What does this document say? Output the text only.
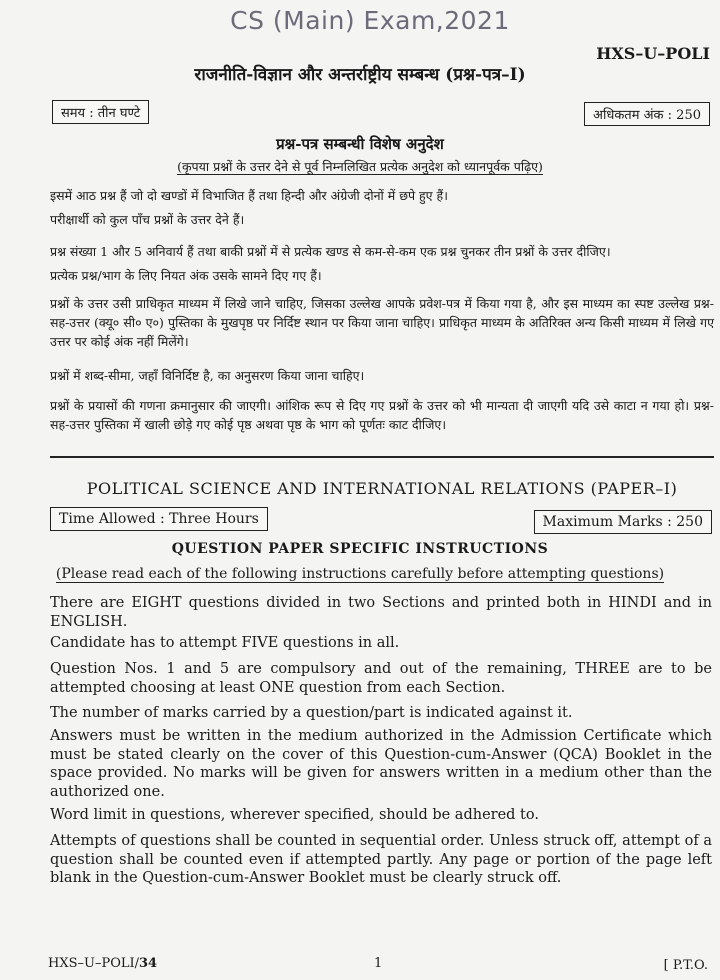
CS (Main) Exam,2021
HXS–U–POLI
राजनीति-विज्ञान और अन्तर्राष्ट्रीय सम्बन्ध (प्रश्न-पत्र–I)
समय : तीन घण्टे	अधिकतम अंक : 250
प्रश्न-पत्र सम्बन्धी विशेष अनुदेश
(कृपया प्रश्नों के उत्तर देने से पूर्व निम्नलिखित प्रत्येक अनुदेश को ध्यानपूर्वक पढ़िए)
इसमें आठ प्रश्न हैं जो दो खण्डों में विभाजित हैं तथा हिन्दी और अंग्रेजी दोनों में छपे हुए हैं।
परीक्षार्थी को कुल पाँच प्रश्नों के उत्तर देने हैं।
प्रश्न संख्या 1 और 5 अनिवार्य हैं तथा बाकी प्रश्नों में से प्रत्येक खण्ड से कम-से-कम एक प्रश्न चुनकर तीन प्रश्नों के उत्तर दीजिए।
प्रत्येक प्रश्न/भाग के लिए नियत अंक उसके सामने दिए गए हैं।
प्रश्नों के उत्तर उसी प्राधिकृत माध्यम में लिखे जाने चाहिए, जिसका उल्लेख आपके प्रवेश-पत्र में किया गया है, और इस माध्यम का स्पष्ट उल्लेख प्रश्न-सह-उत्तर (क्यू० सी० ए०) पुस्तिका के मुखपृष्ठ पर निर्दिष्ट स्थान पर किया जाना चाहिए। प्राधिकृत माध्यम के अतिरिक्त अन्य किसी माध्यम में लिखे गए उत्तर पर कोई अंक नहीं मिलेंगे।
प्रश्नों में शब्द-सीमा, जहाँ विनिर्दिष्ट है, का अनुसरण किया जाना चाहिए।
प्रश्नों के प्रयासों की गणना क्रमानुसार की जाएगी। आंशिक रूप से दिए गए प्रश्नों के उत्तर को भी मान्यता दी जाएगी यदि उसे काटा न गया हो। प्रश्न-सह-उत्तर पुस्तिका में खाली छोड़े गए कोई पृष्ठ अथवा पृष्ठ के भाग को पूर्णतः काट दीजिए।
POLITICAL SCIENCE AND INTERNATIONAL RELATIONS (PAPER–I)
Time Allowed : Three Hours	Maximum Marks : 250
QUESTION PAPER SPECIFIC INSTRUCTIONS
(Please read each of the following instructions carefully before attempting questions)
There are EIGHT questions divided in two Sections and printed both in HINDI and in ENGLISH.
Candidate has to attempt FIVE questions in all.
Question Nos. 1 and 5 are compulsory and out of the remaining, THREE are to be attempted choosing at least ONE question from each Section.
The number of marks carried by a question/part is indicated against it.
Answers must be written in the medium authorized in the Admission Certificate which must be stated clearly on the cover of this Question-cum-Answer (QCA) Booklet in the space provided. No marks will be given for answers written in a medium other than the authorized one.
Word limit in questions, wherever specified, should be adhered to.
Attempts of questions shall be counted in sequential order. Unless struck off, attempt of a question shall be counted even if attempted partly. Any page or portion of the page left blank in the Question-cum-Answer Booklet must be clearly struck off.
HXS–U–POLI/34	1	[ P.T.O.
